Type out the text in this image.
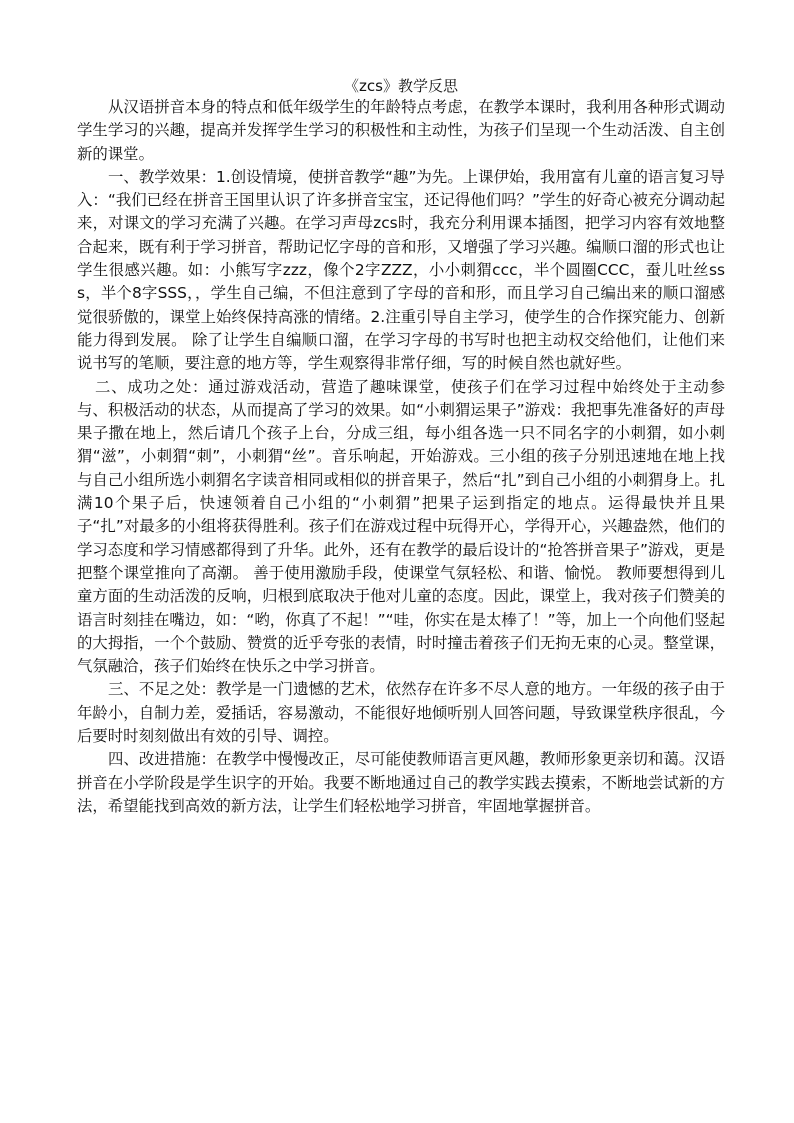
《zcs》教学反思

从汉语拼音本身的特点和低年级学生的年龄特点考虑，在教学本课时，我利用各种形式调动学生学习的兴趣，提高并发挥学生学习的积极性和主动性，为孩子们呈现一个生动活泼、自主创新的课堂。

一、教学效果：1.创设情境，使拼音教学“趣”为先。上课伊始，我用富有儿童的语言复习导入：“我们已经在拼音王国里认识了许多拼音宝宝，还记得他们吗？”学生的好奇心被充分调动起来，对课文的学习充满了兴趣。在学习声母zcs时，我充分利用课本插图，把学习内容有效地整合起来，既有利于学习拼音，帮助记忆字母的音和形，又增强了学习兴趣。编顺口溜的形式也让学生很感兴趣。如：小熊写字zzz，像个2字ZZZ，小小刺猬ccc，半个圆圈CCC，蚕儿吐丝sss，半个8字SSS，，学生自己编，不但注意到了字母的音和形，而且学习自己编出来的顺口溜感觉很骄傲的，课堂上始终保持高涨的情绪。2.注重引导自主学习，使学生的合作探究能力、创新能力得到发展。 除了让学生自编顺口溜，在学习字母的书写时也把主动权交给他们，让他们来说书写的笔顺，要注意的地方等，学生观察得非常仔细，写的时候自然也就好些。

二、成功之处：通过游戏活动，营造了趣味课堂，使孩子们在学习过程中始终处于主动参与、积极活动的状态，从而提高了学习的效果。如“小刺猬运果子”游戏：我把事先准备好的声母果子撒在地上，然后请几个孩子上台，分成三组，每小组各选一只不同名字的小刺猬，如小刺猬“滋”，小刺猬“刺”，小刺猬“丝”。音乐响起，开始游戏。三小组的孩子分别迅速地在地上找与自己小组所选小刺猬名字读音相同或相似的拼音果子，然后“扎”到自己小组的小刺猬身上。扎满10个果子后，快速领着自己小组的“小刺猬”把果子运到指定的地点。运得最快并且果子“扎”对最多的小组将获得胜利。孩子们在游戏过程中玩得开心，学得开心，兴趣盎然，他们的学习态度和学习情感都得到了升华。此外，还有在教学的最后设计的“抢答拼音果子”游戏，更是把整个课堂推向了高潮。 善于使用激励手段，使课堂气氛轻松、和谐、愉悦。 教师要想得到儿童方面的生动活泼的反响，归根到底取决于他对儿童的态度。因此，课堂上，我对孩子们赞美的语言时刻挂在嘴边，如：“哟，你真了不起！”“哇，你实在是太棒了！”等，加上一个向他们竖起的大拇指，一个个鼓励、赞赏的近乎夸张的表情，时时撞击着孩子们无拘无束的心灵。整堂课，气氛融洽，孩子们始终在快乐之中学习拼音。

三、不足之处：教学是一门遗憾的艺术，依然存在许多不尽人意的地方。一年级的孩子由于年龄小，自制力差，爱插话，容易激动，不能很好地倾听别人回答问题，导致课堂秩序很乱，今后要时时刻刻做出有效的引导、调控。

四、改进措施：在教学中慢慢改正，尽可能使教师语言更风趣，教师形象更亲切和蔼。汉语拼音在小学阶段是学生识字的开始。我要不断地通过自己的教学实践去摸索，不断地尝试新的方法，希望能找到高效的新方法，让学生们轻松地学习拼音，牢固地掌握拼音。
